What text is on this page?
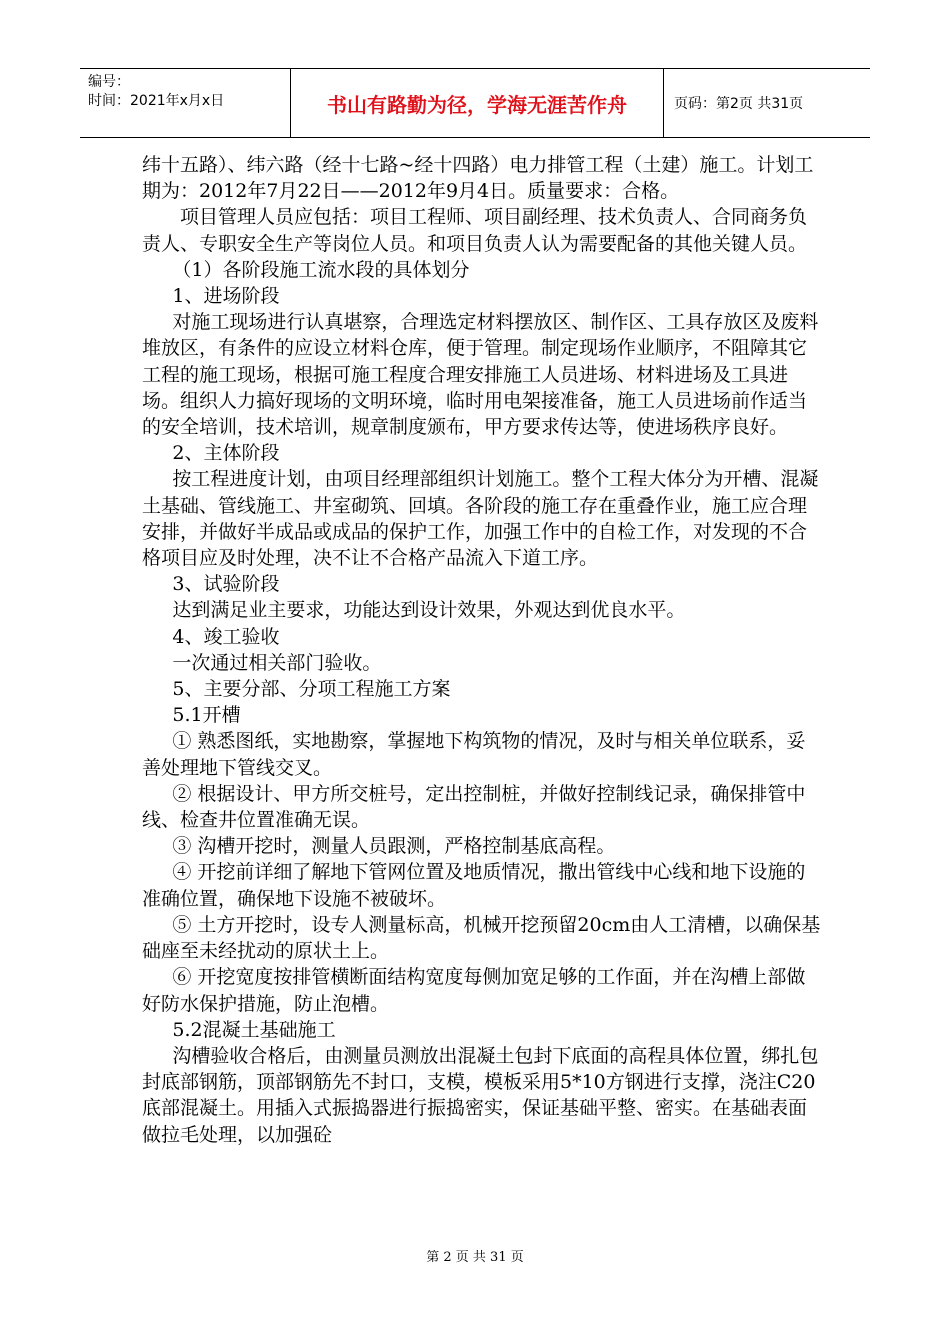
编号：
时间：2021年x月x日	书山有路勤为径，学海无涯苦作舟	页码：第2页 共31页

纬十五路）、纬六路（经十七路~经十四路）电力排管工程（土建）施工。计划工期为：2012年7月22日——2012年9月4日。质量要求：合格。

项目管理人员应包括：项目工程师、项目副经理、技术负责人、合同商务负责人、专职安全生产等岗位人员。和项目负责人认为需要配备的其他关键人员。

（1）各阶段施工流水段的具体划分

1、进场阶段

对施工现场进行认真堪察，合理选定材料摆放区、制作区、工具存放区及废料堆放区，有条件的应设立材料仓库，便于管理。制定现场作业顺序，不阻障其它工程的施工现场，根据可施工程度合理安排施工人员进场、材料进场及工具进场。组织人力搞好现场的文明环境，临时用电架接准备，施工人员进场前作适当的安全培训，技术培训，规章制度颁布，甲方要求传达等，使进场秩序良好。

2、主体阶段

按工程进度计划，由项目经理部组织计划施工。整个工程大体分为开槽、混凝土基础、管线施工、井室砌筑、回填。各阶段的施工存在重叠作业，施工应合理安排，并做好半成品或成品的保护工作，加强工作中的自检工作，对发现的不合格项目应及时处理，决不让不合格产品流入下道工序。

3、试验阶段

达到满足业主要求，功能达到设计效果，外观达到优良水平。

4、竣工验收

一次通过相关部门验收。

5、主要分部、分项工程施工方案

5.1开槽

① 熟悉图纸，实地勘察，掌握地下构筑物的情况，及时与相关单位联系，妥善处理地下管线交叉。

② 根据设计、甲方所交桩号，定出控制桩，并做好控制线记录，确保排管中线、检查井位置准确无误。

③ 沟槽开挖时，测量人员跟测，严格控制基底高程。

④ 开挖前详细了解地下管网位置及地质情况，撒出管线中心线和地下设施的准确位置，确保地下设施不被破坏。

⑤ 土方开挖时，设专人测量标高，机械开挖预留20cm由人工清槽，以确保基础座至未经扰动的原状土上。

⑥ 开挖宽度按排管横断面结构宽度每侧加宽足够的工作面，并在沟槽上部做好防水保护措施，防止泡槽。

5.2混凝土基础施工

沟槽验收合格后，由测量员测放出混凝土包封下底面的高程具体位置，绑扎包封底部钢筋，顶部钢筋先不封口，支模，模板采用5*10方钢进行支撑，浇注C20底部混凝土。用插入式振捣器进行振捣密实，保证基础平整、密实。在基础表面做拉毛处理，以加强砼

第 2 页 共 31 页
